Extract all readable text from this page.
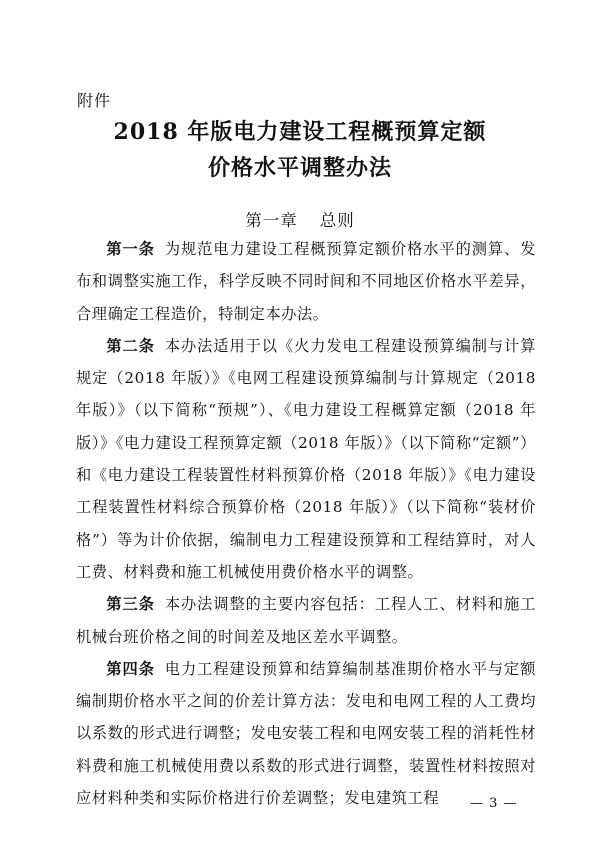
附件
2018 年版电力建设工程概预算定额
价格水平调整办法
第一章 总则

第一条 为规范电力建设工程概预算定额价格水平的测算、发布和调整实施工作，科学反映不同时间和不同地区价格水平差异，合理确定工程造价，特制定本办法。

第二条 本办法适用于以《火力发电工程建设预算编制与计算规定（2018 年版）》《电网工程建设预算编制与计算规定（2018 年版）》（以下简称“预规”）、《电力建设工程概算定额（2018 年版）》《电力建设工程预算定额（2018 年版）》（以下简称“定额”）和《电力建设工程装置性材料预算价格（2018 年版）》《电力建设工程装置性材料综合预算价格（2018 年版）》（以下简称“装材价格”）等为计价依据，编制电力工程建设预算和工程结算时，对人工费、材料费和施工机械使用费价格水平的调整。

第三条 本办法调整的主要内容包括：工程人工、材料和施工机械台班价格之间的时间差及地区差水平调整。

第四条 电力工程建设预算和结算编制基准期价格水平与定额编制期价格水平之间的价差计算方法：发电和电网工程的人工费均以系数的形式进行调整；发电安装工程和电网安装工程的消耗性材料费和施工机械使用费以系数的形式进行调整，装置性材料按照对应材料种类和实际价格进行价差调整；发电建筑工程	— 3 —
